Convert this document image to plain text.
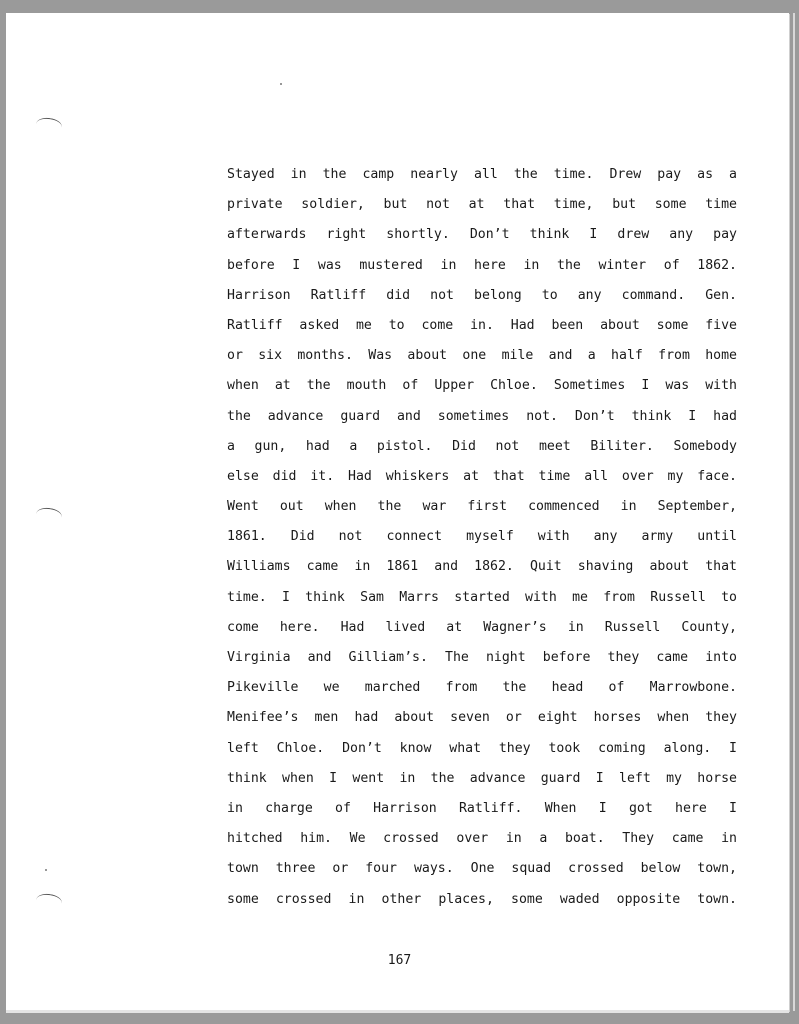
Stayed in the camp nearly all the time. Drew pay as a
private soldier, but not at that time, but some time
afterwards right shortly. Don’t think I drew any pay
before I was mustered in here in the winter of 1862.
Harrison Ratliff did not belong to any command. Gen.
Ratliff asked me to come in. Had been about some five
or six months. Was about one mile and a half from home
when at the mouth of Upper Chloe. Sometimes I was with
the advance guard and sometimes not. Don’t think I had
a gun, had a pistol. Did not meet Biliter. Somebody
else did it. Had whiskers at that time all over my face.
Went out when the war first commenced in September,
1861. Did not connect myself with any army until
Williams came in 1861 and 1862. Quit shaving about that
time. I think Sam Marrs started with me from Russell to
come here. Had lived at Wagner’s in Russell County,
Virginia and Gilliam’s. The night before they came into
Pikeville we marched from the head of Marrowbone.
Menifee’s men had about seven or eight horses when they
left Chloe. Don’t know what they took coming along. I
think when I went in the advance guard I left my horse
in charge of Harrison Ratliff. When I got here I
hitched him. We crossed over in a boat. They came in
town three or four ways. One squad crossed below town,
some crossed in other places, some waded opposite town.
167
